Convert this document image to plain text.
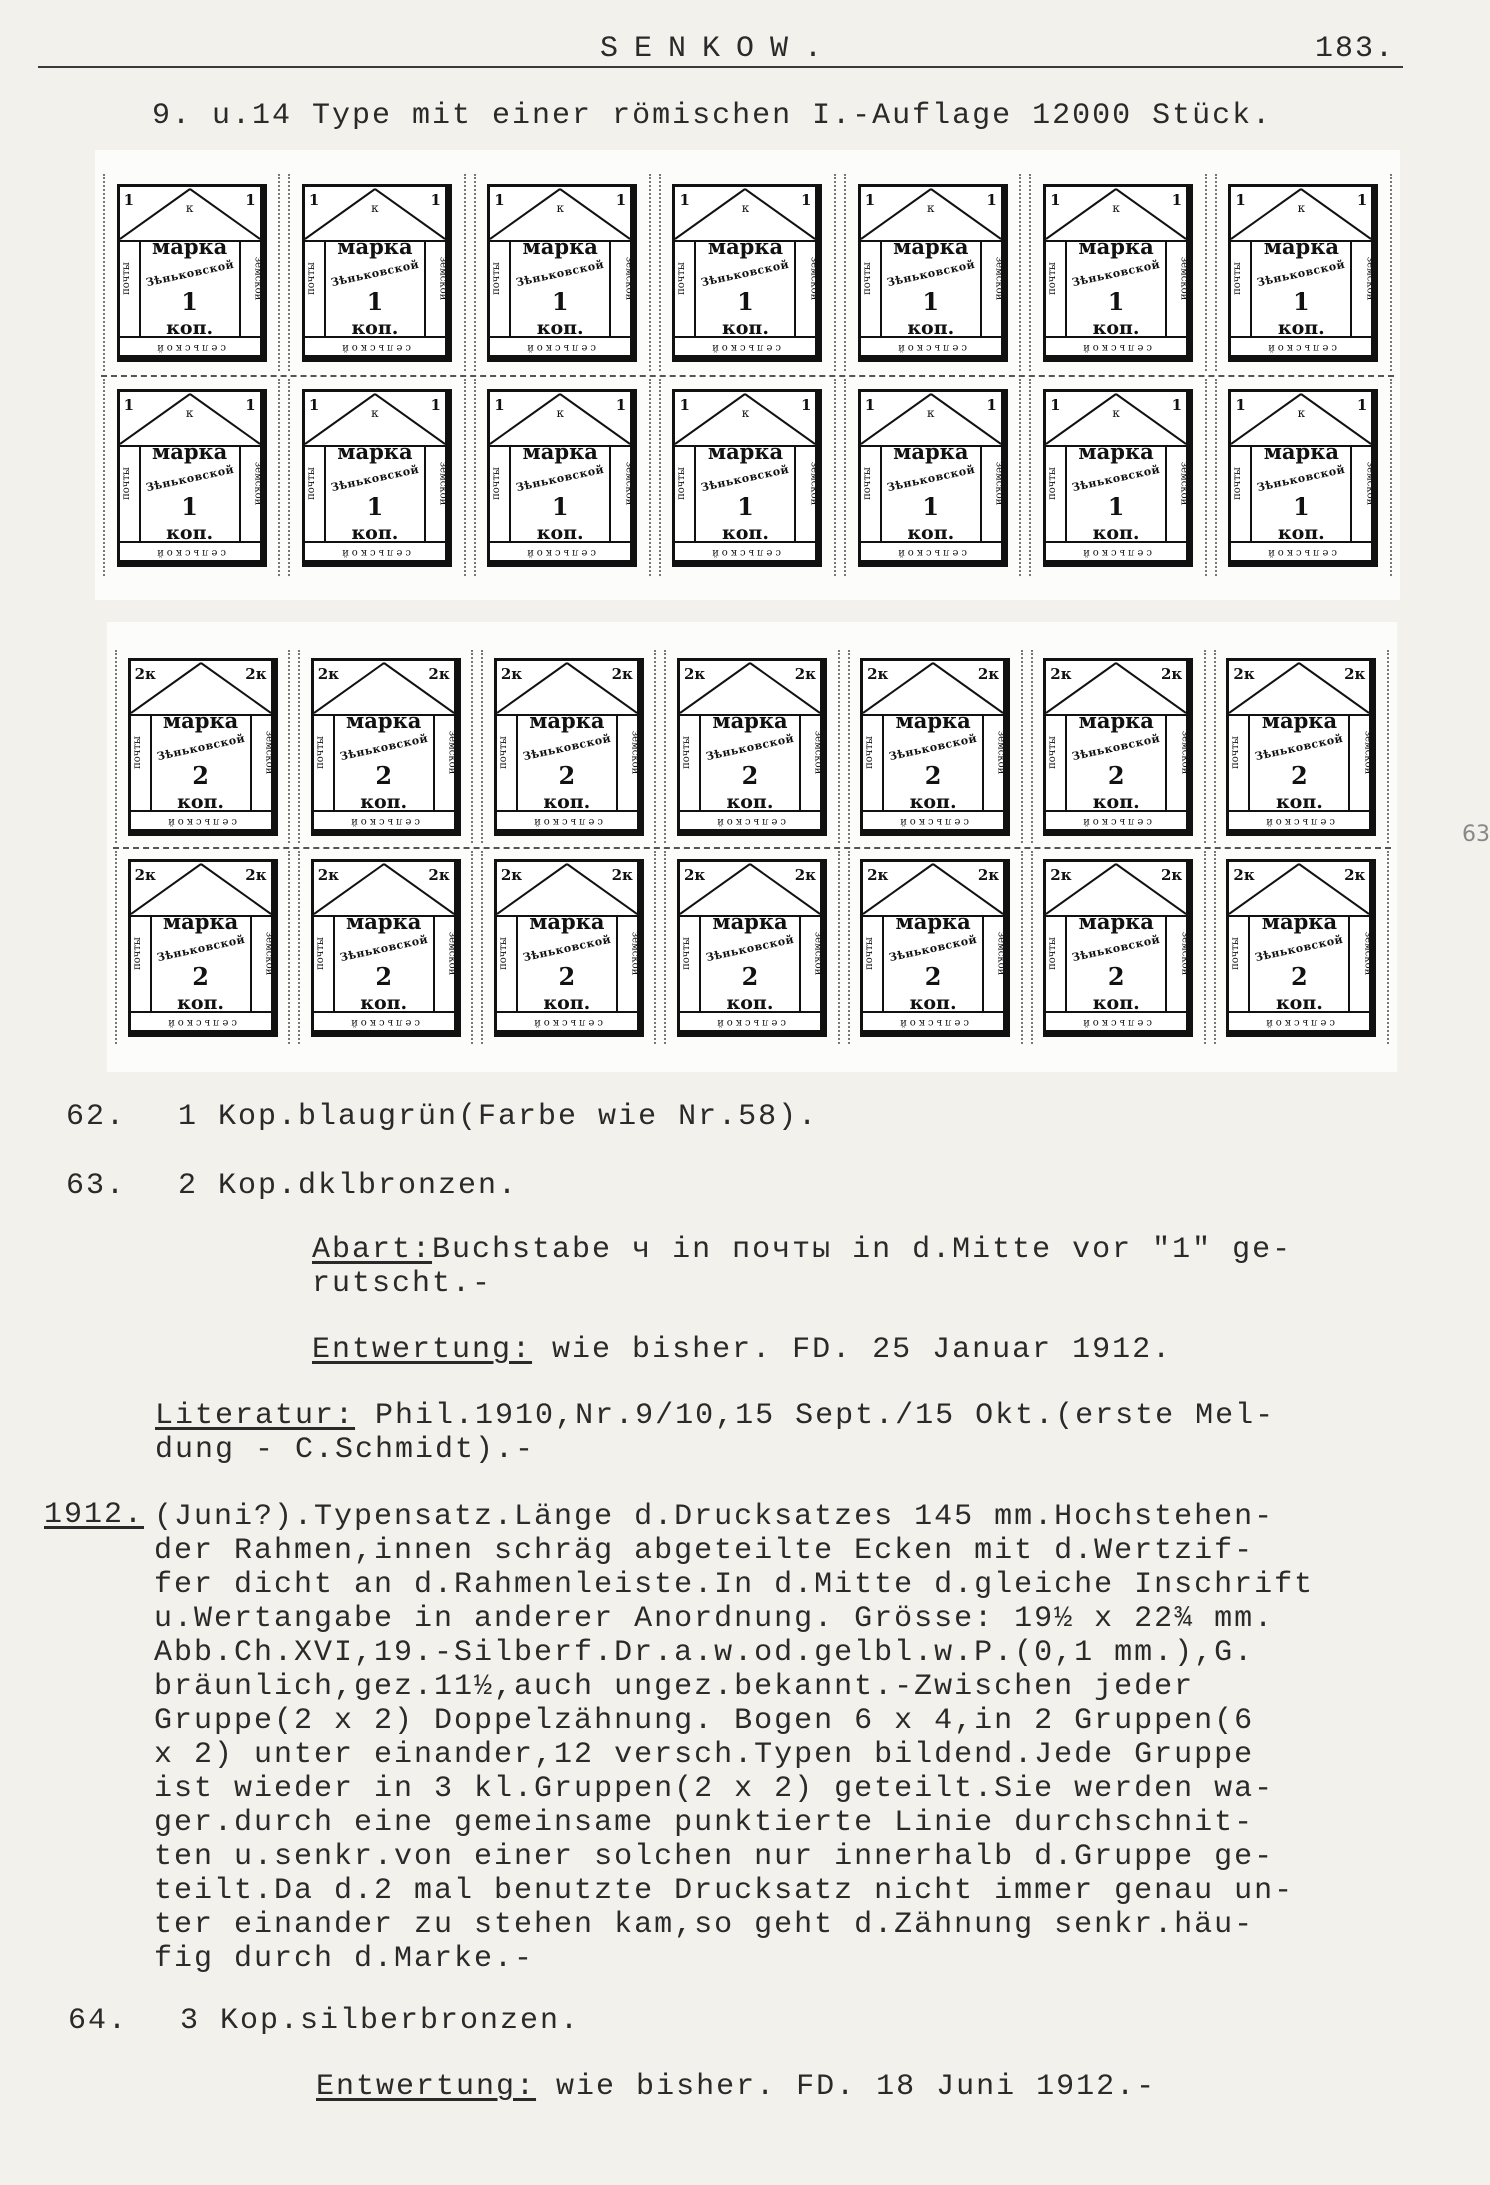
SENKOW.	183.
9. u.14 Type mit einer römischen I.-Auflage 12000 Stück.
1	1
к
марка
Зѣньковской
1
коп.
почты	земской
сельской
1	1
к
марка
Зѣньковской
1
коп.
почты	земской
сельской
1	1
к
марка
Зѣньковской
1
коп.
почты	земской
сельской
1	1
к
марка
Зѣньковской
1
коп.
почты	земской
сельской
1	1
к
марка
Зѣньковской
1
коп.
почты	земской
сельской
1	1
к
марка
Зѣньковской
1
коп.
почты	земской
сельской
1	1
к
марка
Зѣньковской
1
коп.
почты	земской
сельской
1	1
к
марка
Зѣньковской
1
коп.
почты	земской
сельской
1	1
к
марка
Зѣньковской
1
коп.
почты	земской
сельской
1	1
к
марка
Зѣньковской
1
коп.
почты	земской
сельской
1	1
к
марка
Зѣньковской
1
коп.
почты	земской
сельской
1	1
к
марка
Зѣньковской
1
коп.
почты	земской
сельской
1	1
к
марка
Зѣньковской
1
коп.
почты	земской
сельской
1	1
к
марка
Зѣньковской
1
коп.
почты	земской
сельской
2к	2к
марка
Зѣньковской
2
коп.
почты	земской
сельской
2к	2к
марка
Зѣньковской
2
коп.
почты	земской
сельской
2к	2к
марка
Зѣньковской
2
коп.
почты	земской
сельской
2к	2к
марка
Зѣньковской
2
коп.
почты	земской
сельской
2к	2к
марка
Зѣньковской
2
коп.
почты	земской
сельской
2к	2к
марка
Зѣньковской
2
коп.
почты	земской
сельской
2к	2к
марка
Зѣньковской
2
коп.
почты	земской
сельской
2к	2к
марка
Зѣньковской
2
коп.
почты	земской
сельской
2к	2к
марка
Зѣньковской
2
коп.
почты	земской
сельской
2к	2к
марка
Зѣньковской
2
коп.
почты	земской
сельской
2к	2к
марка
Зѣньковской
2
коп.
почты	земской
сельской
2к	2к
марка
Зѣньковской
2
коп.
почты	земской
сельской
2к	2к
марка
Зѣньковской
2
коп.
почты	земской
сельской
2к	2к
марка
Зѣньковской
2
коп.
почты	земской
сельской
63
62. 1 Kop.blaugrün(Farbe wie Nr.58).
63. 2 Kop.dklbronzen.
Abart:Buchstabe ч in почты in d.Mitte vor "1" ge-
rutscht.-
Entwertung: wie bisher. FD. 25 Januar 1912.
Literatur: Phil.1910,Nr.9/10,15 Sept./15 Okt.(erste Mel-
dung - C.Schmidt).-
1912. (Juni?).Typensatz.Länge d.Drucksatzes 145 mm.Hochstehen-
der Rahmen,innen schräg abgeteilte Ecken mit d.Wertzif-
fer dicht an d.Rahmenleiste.In d.Mitte d.gleiche Inschrift
u.Wertangabe in anderer Anordnung. Grösse: 19½ x 22¾ mm.
Abb.Ch.XVI,19.-Silberf.Dr.a.w.od.gelbl.w.P.(0,1 mm.),G.
bräunlich,gez.11½,auch ungez.bekannt.-Zwischen jeder
Gruppe(2 x 2) Doppelzähnung. Bogen 6 x 4,in 2 Gruppen(6
x 2) unter einander,12 versch.Typen bildend.Jede Gruppe
ist wieder in 3 kl.Gruppen(2 x 2) geteilt.Sie werden wa-
ger.durch eine gemeinsame punktierte Linie durchschnit-
ten u.senkr.von einer solchen nur innerhalb d.Gruppe ge-
teilt.Da d.2 mal benutzte Drucksatz nicht immer genau un-
ter einander zu stehen kam,so geht d.Zähnung senkr.häu-
fig durch d.Marke.-
64. 3 Kop.silberbronzen.
Entwertung: wie bisher. FD. 18 Juni 1912.-
